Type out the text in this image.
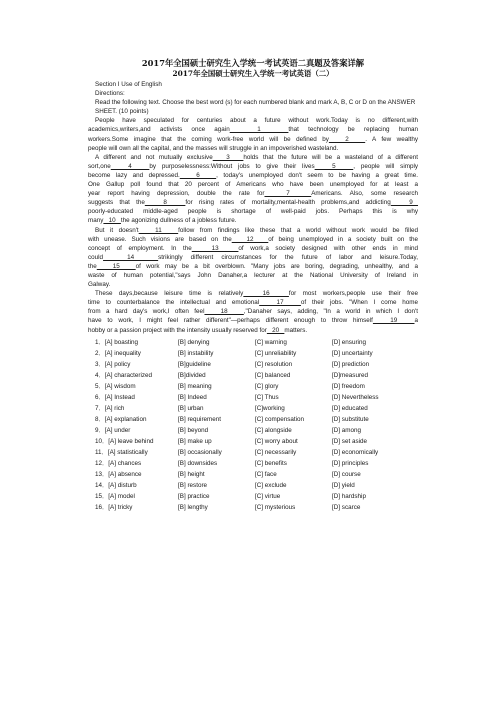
2017年全国硕士研究生入学统一考试英语二真题及答案详解
2017年全国硕士研究生入学统一考试英语（二）
Section I Use of English
Directions:
Read the following text. Choose the best word (s) for each numbered blank and mark A, B, C or D on the ANSWER SHEET. (10 points)
People have speculated for centuries about a future without work.Today is no different,with
academics,writers,and activists once again   1   that technology be replacing human
workers.Some imagine that the coming work-free world will be defined by   2   . A few wealthy
people will own all the capital, and the masses will struggle in an impoverished wasteland.
A different and not mutually exclusive   3   holds that the future will be a wasteland of a different
sort,one   4   by purposelessness:Without jobs to give their lives   5   , people will simply
become lazy and depressed.   6   , today's unemployed don't seem to be having a great time.
One Gallup poll found that 20 percent of Americans who have been unemployed for at least a
year report having depression, double the rate for   7   Americans. Also, some research
suggests that the   8   for rising rates of mortality,mental-health problems,and addicting   9
poorly-educated middle-aged people is shortage of well-paid jobs. Perhaps this is why
many   10   the agonizing dullness of a jobless future.
But it doesn't   11   follow from findings like these that a world without work would be filled
with unease. Such visions are based on the   12   of being unemployed in a society built on the
concept of employment. In the   13   of work,a society designed with other ends in mind
could   14   strikingly different circumstances for the future of labor and leisure.Today,
the   15   of work may be a bit overblown. "Many jobs are boring, degrading, unhealthy, and a
waste of human potential,"says John Danaher,a lecturer at the National University of Ireland in
Galway.
These days,because leisure time is relatively   16   for most workers,people use their free
time to counterbalance the intellectual and emotional   17   of their jobs. "When I come home
from a hard day's work,I often feel   18   ,"Danaher says, adding, "In a world in which I don't
have to work, I might feel rather different"—perhaps different enough to throw himself   19   a
hobby or a passion project with the intensity usually reserved for   20   matters.
1．[A] boasting	[B] denying	[C] warning	[D] ensuring
2．[A] inequality	[B] instability	[C] unreliability	[D] uncertainty
3．[A] policy	[B]guideline	[C] resolution	[D] prediction
4．[A] characterized	[B]divided	[C] balanced	[D]measured
5．[A] wisdom	[B] meaning	[C] glory	[D] freedom
6．[A] Instead	[B] Indeed	[C] Thus	[D] Nevertheless
7．[A] rich	[B] urban	[C]working	[D] educated
8．[A] explanation	[B] requirement	[C] compensation	[D] substitute
9．[A] under	[B] beyond	[C] alongside	[D] among
10．[A] leave behind	[B] make up	[C] worry about	[D] set aside
11．[A] statistically	[B] occasionally	[C] necessarily	[D] economically
12．[A] chances	[B] downsides	[C] benefits	[D] principles
13．[A] absence	[B] height	[C] face	[D] course
14．[A] disturb	[B] restore	[C] exclude	[D] yield
15．[A] model	[B] practice	[C] virtue	[D] hardship
16．[A] tricky	[B] lengthy	[C] mysterious	[D] scarce
